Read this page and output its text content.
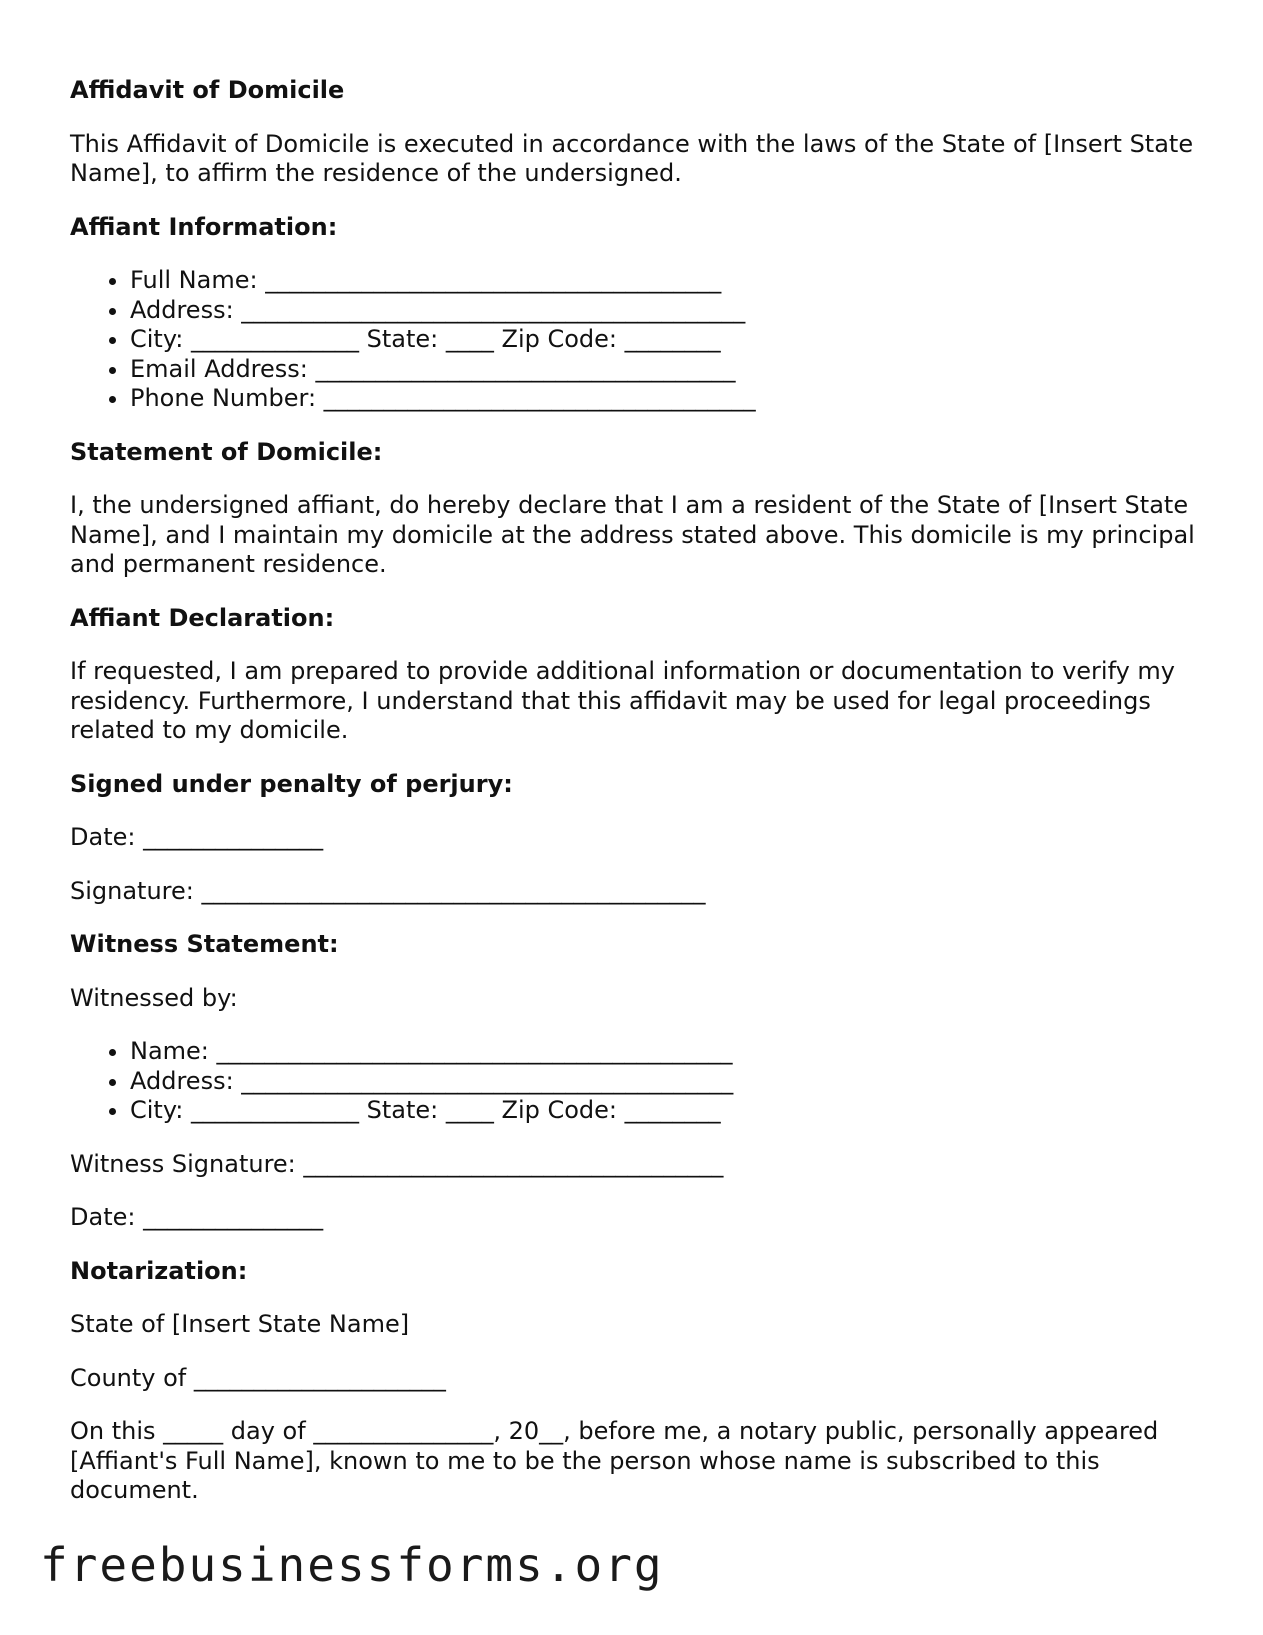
Affidavit of Domicile

This Affidavit of Domicile is executed in accordance with the laws of the State of [Insert State Name], to affirm the residence of the undersigned.

Affiant Information:
• Full Name: ______________________________________
• Address: __________________________________________
• City: ______________ State: ____ Zip Code: ________
• Email Address: ___________________________________
• Phone Number: ____________________________________
Statement of Domicile:

I, the undersigned affiant, do hereby declare that I am a resident of the State of [Insert State Name], and I maintain my domicile at the address stated above. This domicile is my principal and permanent residence.

Affiant Declaration:

If requested, I am prepared to provide additional information or documentation to verify my residency. Furthermore, I understand that this affidavit may be used for legal proceedings related to my domicile.

Signed under penalty of perjury:

Date: _______________

Signature: __________________________________________

Witness Statement:

Witnessed by:

• Name: ___________________________________________
• Address: _________________________________________
• City: ______________ State: ____ Zip Code: ________

Witness Signature: ___________________________________

Date: _______________

Notarization:

State of [Insert State Name]

County of _____________________

On this _____ day of _______________, 20__, before me, a notary public, personally appeared [Affiant's Full Name], known to me to be the person whose name is subscribed to this document.

freebusinessforms.org
